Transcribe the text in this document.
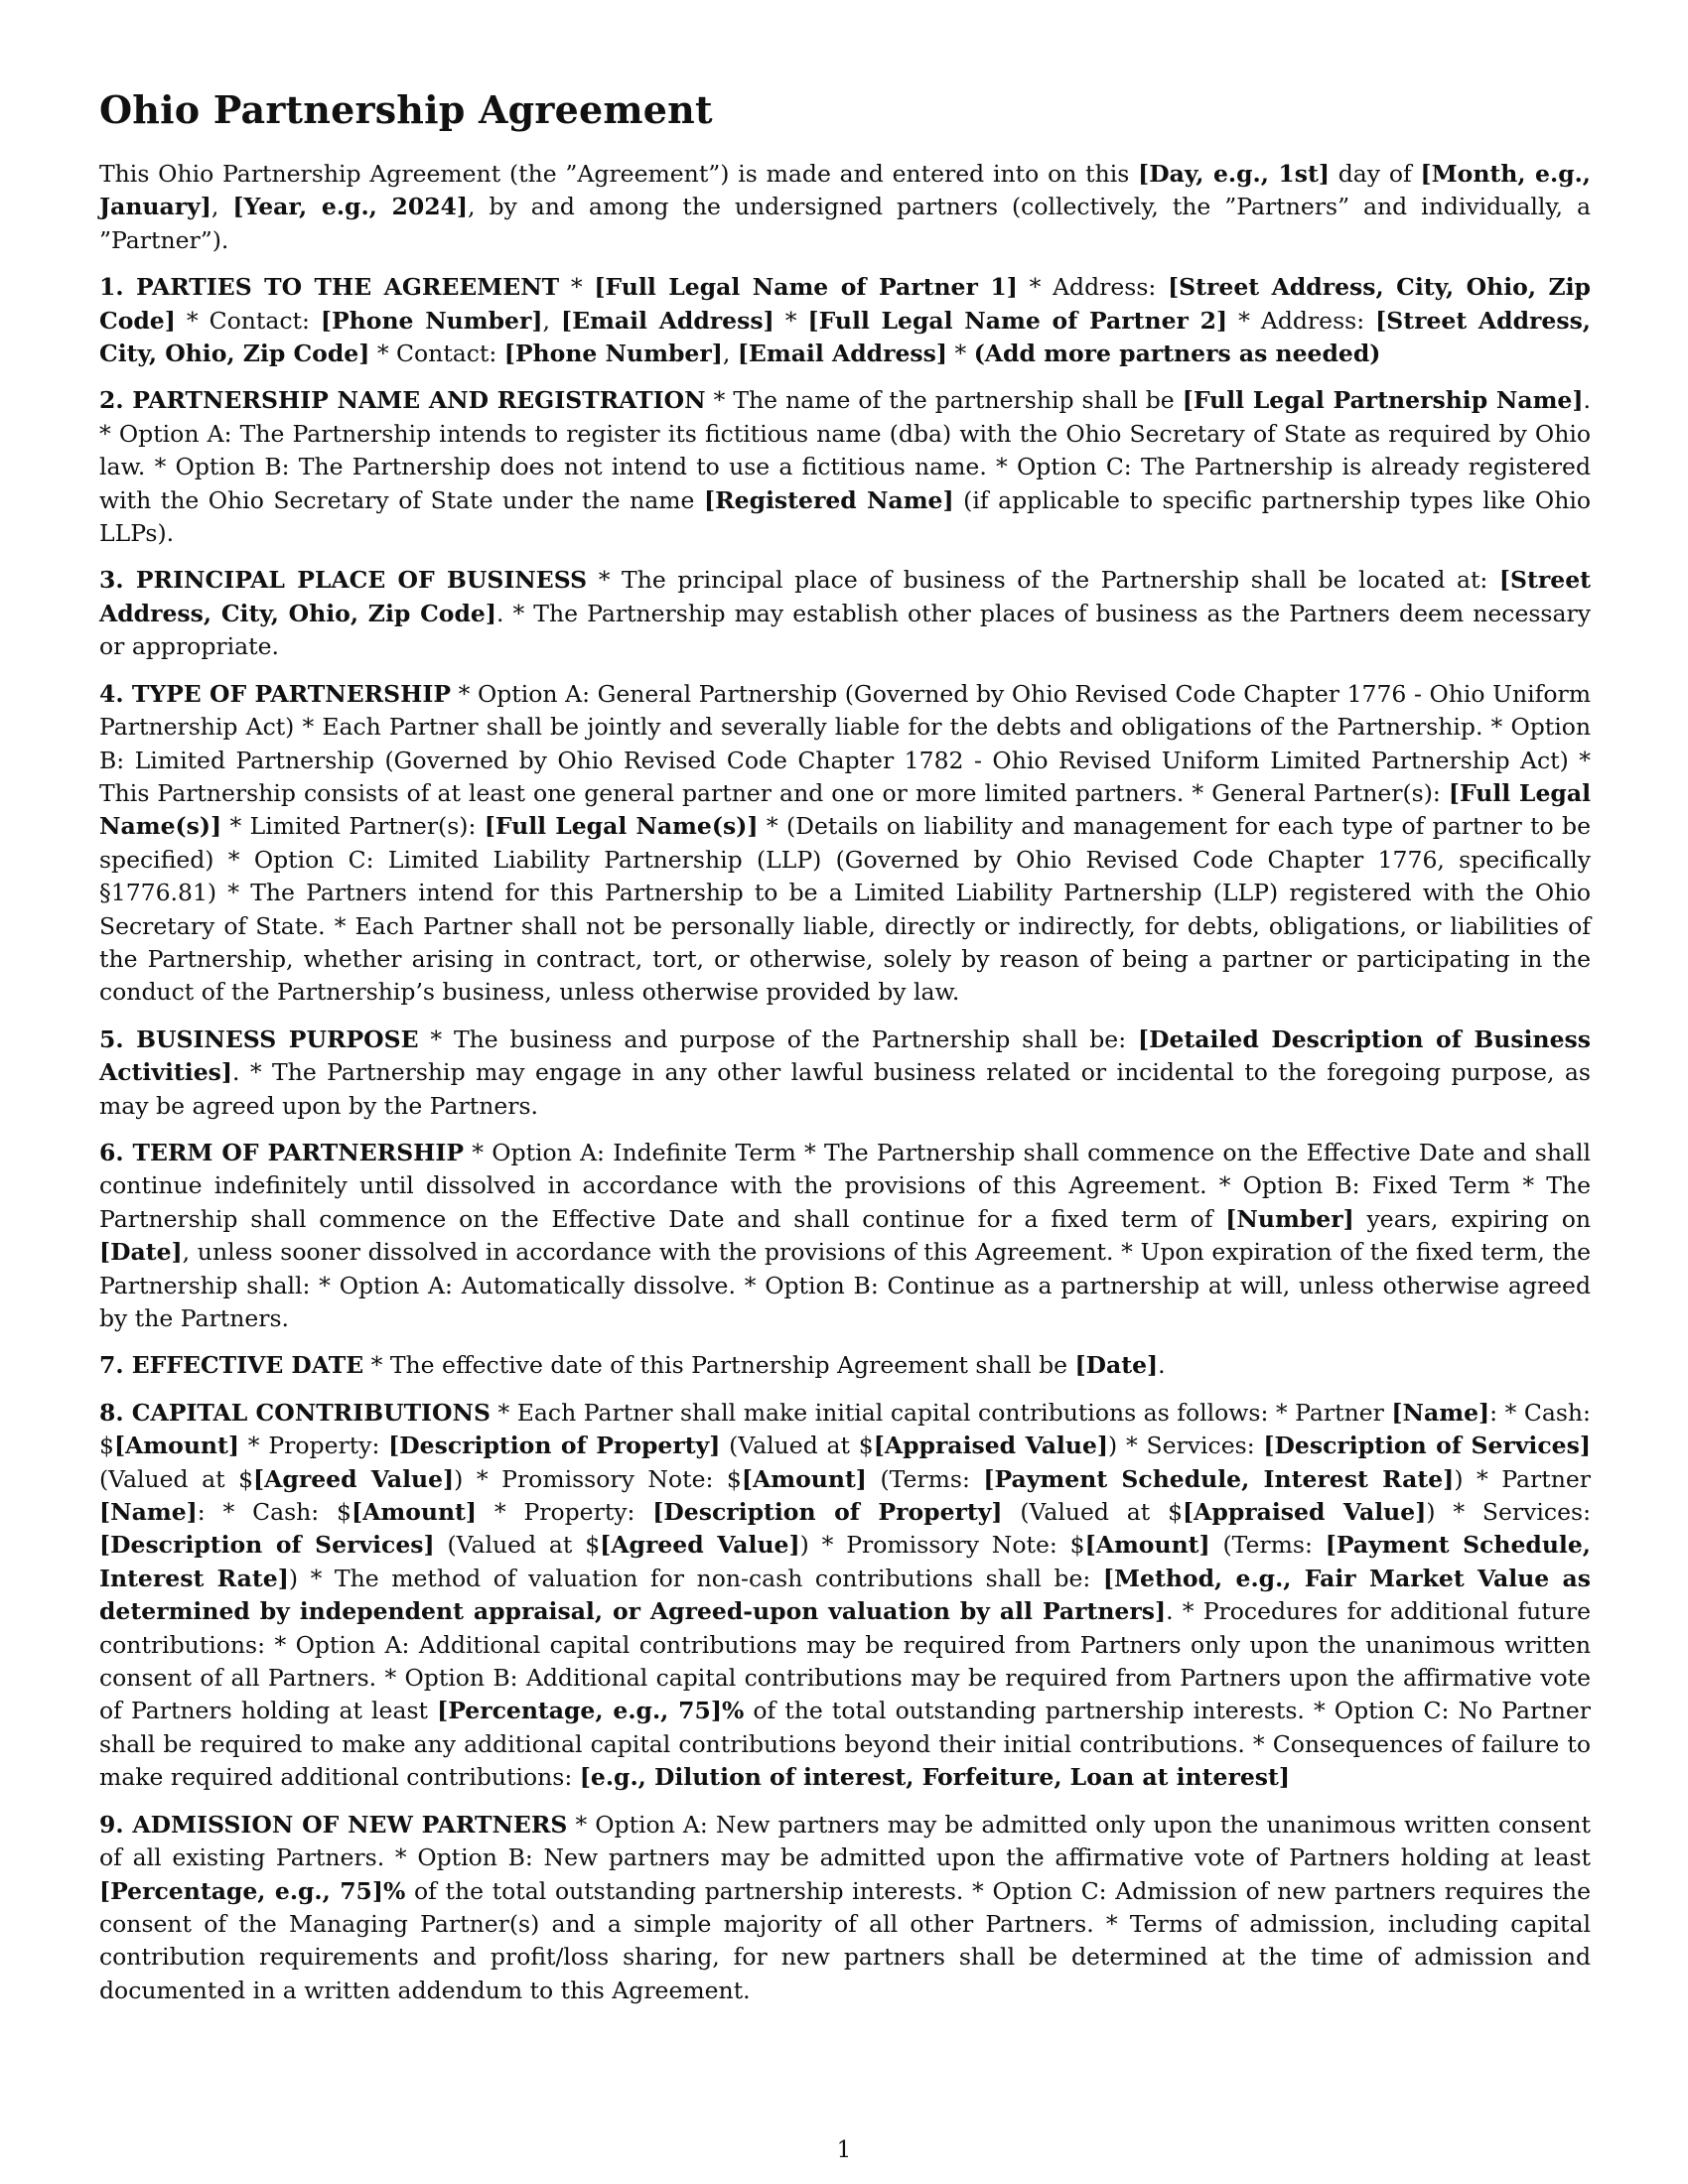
Ohio Partnership Agreement

This Ohio Partnership Agreement (the ”Agreement”) is made and entered into on this [Day, e.g., 1st] day of [Month, e.g., January], [Year, e.g., 2024], by and among the undersigned partners (collectively, the ”Partners” and individually, a ”Partner”).

1. PARTIES TO THE AGREEMENT * [Full Legal Name of Partner 1] * Address: [Street Address, City, Ohio, Zip Code] * Contact: [Phone Number], [Email Address] * [Full Legal Name of Partner 2] * Address: [Street Address, City, Ohio, Zip Code] * Contact: [Phone Number], [Email Address] * (Add more partners as needed)

2. PARTNERSHIP NAME AND REGISTRATION * The name of the partnership shall be [Full Legal Partnership Name]. * Option A: The Partnership intends to register its fictitious name (dba) with the Ohio Secretary of State as required by Ohio law. * Option B: The Partnership does not intend to use a fictitious name. * Option C: The Partnership is already registered with the Ohio Secretary of State under the name [Registered Name] (if applicable to specific partnership types like Ohio LLPs).

3. PRINCIPAL PLACE OF BUSINESS * The principal place of business of the Partnership shall be located at: [Street Address, City, Ohio, Zip Code]. * The Partnership may establish other places of business as the Partners deem necessary or appropriate.

4. TYPE OF PARTNERSHIP * Option A: General Partnership (Governed by Ohio Revised Code Chapter 1776 - Ohio Uniform Partnership Act) * Each Partner shall be jointly and severally liable for the debts and obligations of the Partnership. * Option B: Limited Partnership (Governed by Ohio Revised Code Chapter 1782 - Ohio Revised Uniform Limited Partnership Act) * This Partnership consists of at least one general partner and one or more limited partners. * General Partner(s): [Full Legal Name(s)] * Limited Partner(s): [Full Legal Name(s)] * (Details on liability and management for each type of partner to be specified) * Option C: Limited Liability Partnership (LLP) (Governed by Ohio Revised Code Chapter 1776, specifically §1776.81) * The Partners intend for this Partnership to be a Limited Liability Partnership (LLP) registered with the Ohio Secretary of State. * Each Partner shall not be personally liable, directly or indirectly, for debts, obligations, or liabilities of the Partnership, whether arising in contract, tort, or otherwise, solely by reason of being a partner or participating in the conduct of the Partnership’s business, unless otherwise provided by law.

5. BUSINESS PURPOSE * The business and purpose of the Partnership shall be: [Detailed Description of Business Activities]. * The Partnership may engage in any other lawful business related or incidental to the foregoing purpose, as may be agreed upon by the Partners.

6. TERM OF PARTNERSHIP * Option A: Indefinite Term * The Partnership shall commence on the Effective Date and shall continue indefinitely until dissolved in accordance with the provisions of this Agreement. * Option B: Fixed Term * The Partnership shall commence on the Effective Date and shall continue for a fixed term of [Number] years, expiring on [Date], unless sooner dissolved in accordance with the provisions of this Agreement. * Upon expiration of the fixed term, the Partnership shall: * Option A: Automatically dissolve. * Option B: Continue as a partnership at will, unless otherwise agreed by the Partners.

7. EFFECTIVE DATE * The effective date of this Partnership Agreement shall be [Date].

8. CAPITAL CONTRIBUTIONS * Each Partner shall make initial capital contributions as follows: * Partner [Name]: * Cash: $[Amount] * Property: [Description of Property] (Valued at $[Appraised Value]) * Services: [Description of Services] (Valued at $[Agreed Value]) * Promissory Note: $[Amount] (Terms: [Payment Schedule, Interest Rate]) * Partner [Name]: * Cash: $[Amount] * Property: [Description of Property] (Valued at $[Appraised Value]) * Services: [Description of Services] (Valued at $[Agreed Value]) * Promissory Note: $[Amount] (Terms: [Payment Schedule, Interest Rate]) * The method of valuation for non-cash contributions shall be: [Method, e.g., Fair Market Value as determined by independent appraisal, or Agreed-upon valuation by all Partners]. * Procedures for additional future contributions: * Option A: Additional capital contributions may be required from Partners only upon the unanimous written consent of all Partners. * Option B: Additional capital contributions may be required from Partners upon the affirmative vote of Partners holding at least [Percentage, e.g., 75]% of the total outstanding partnership interests. * Option C: No Partner shall be required to make any additional capital contributions beyond their initial contributions. * Consequences of failure to make required additional contributions: [e.g., Dilution of interest, Forfeiture, Loan at interest]

9. ADMISSION OF NEW PARTNERS * Option A: New partners may be admitted only upon the unanimous written consent of all existing Partners. * Option B: New partners may be admitted upon the affirmative vote of Partners holding at least [Percentage, e.g., 75]% of the total outstanding partnership interests. * Option C: Admission of new partners requires the consent of the Managing Partner(s) and a simple majority of all other Partners. * Terms of admission, including capital contribution requirements and profit/loss sharing, for new partners shall be determined at the time of admission and documented in a written addendum to this Agreement.

1
